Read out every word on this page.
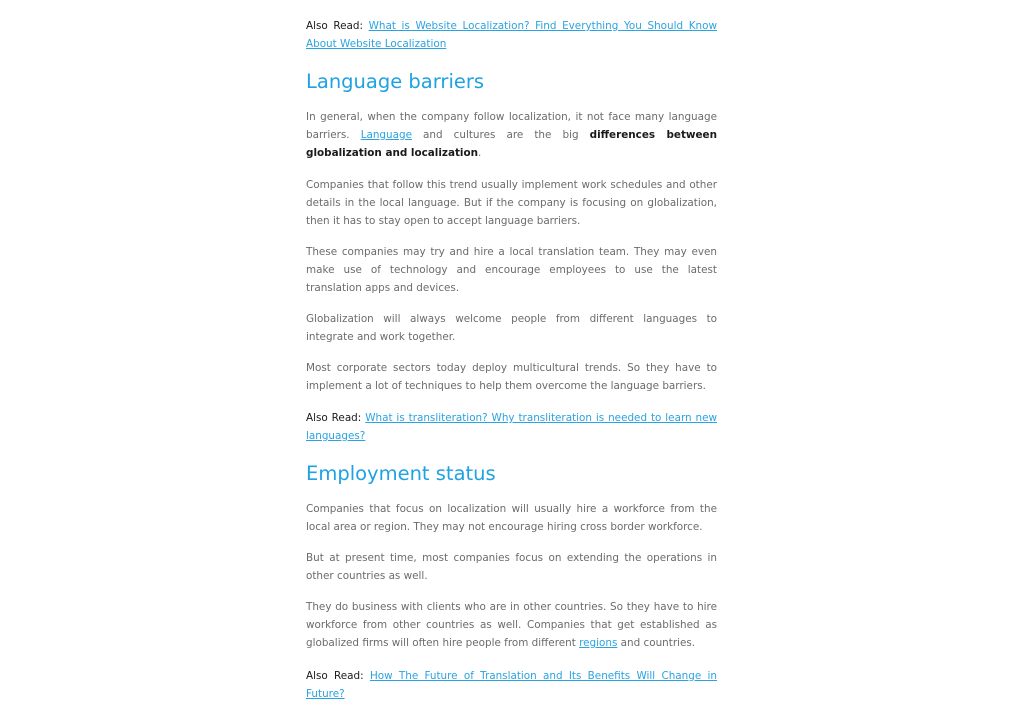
Also Read: What is Website Localization? Find Everything You Should Know About Website Localization

Language barriers

In general, when the company follow localization, it not face many language barriers. Language and cultures are the big differences between globalization and localization.

Companies that follow this trend usually implement work schedules and other details in the local language. But if the company is focusing on globalization, then it has to stay open to accept language barriers.

These companies may try and hire a local translation team. They may even make use of technology and encourage employees to use the latest translation apps and devices.

Globalization will always welcome people from different languages to integrate and work together.

Most corporate sectors today deploy multicultural trends. So they have to implement a lot of techniques to help them overcome the language barriers.

Also Read: What is transliteration? Why transliteration is needed to learn new languages?

Employment status

Companies that focus on localization will usually hire a workforce from the local area or region. They may not encourage hiring cross border workforce.

But at present time, most companies focus on extending the operations in other countries as well.

They do business with clients who are in other countries. So they have to hire workforce from other countries as well. Companies that get established as globalized firms will often hire people from different regions and countries.

Also Read: How The Future of Translation and Its Benefits Will Change in Future?
